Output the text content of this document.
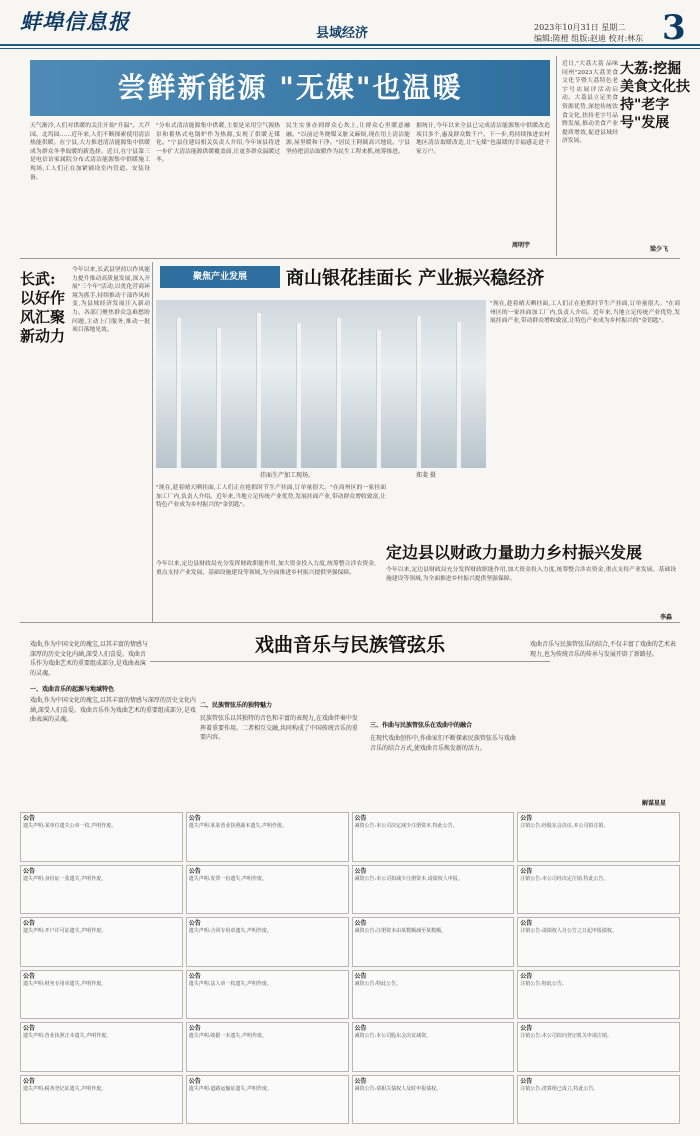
蚌埠信息报	县域经济	2023年10月31日 星期二 3
编辑:陈橙 组版:赵迪 校对:林东
尝鲜新能源 "无媒"也温暖
天气渐冷,人们对供暖的关注开始"升温"。大芦园、北坞园……近年来,人们不断探索使用清洁热能供暖。在宁县,大力推进清洁能源集中供暖成为群众冬季取暖的新选择。近日,在宁县第三是电信访家属院分布式清洁能源集中供暖施工现场,工人们正在加紧铺设室内管道、安装设备。
"分布式清洁能源集中供暖,主要是采用空气源热泵和蓄热式电锅炉作为热源,实现了供暖无煤化。"宁县住建局相关负责人介绍,今年该县将进一步扩大清洁能源供暖覆盖面,让更多群众温暖过冬。
民生实事办到群众心坎上,让群众心里暖意融融。"以前过冬烧煤又脏又麻烦,现在用上清洁能源,屋里暖和干净。"居民王阿姨高兴地说。宁县坚持把清洁取暖作为民生工程来抓,统筹推进。
据统计,今年以来全县已完成清洁能源集中供暖改造项目多个,惠及群众数千户。下一步,将持续推进农村地区清洁取暖改造,让"无煤"也温暖的幸福感走进千家万户。
周明宇
近日,"大荔大荔 品味同州"2023大荔美食文化节暨大荔特色老字号店展评活动启动。大荔县立足美食资源优势,深挖传统饮食文化,扶持老字号品牌发展,推动美食产业提质增效,促进县域经济发展。
大荔:挖掘美食文化扶持"老字号"发展
梁少飞
长武:以好作风汇聚新动力
今年以来,长武县坚持以作风能力提升推动高质量发展,深入开展"三个年"活动,以优化营商环境为抓手,持续推动干部作风转变,为县域经济发展注入新动力。各部门聚焦群众急难愁盼问题,主动上门服务,推动一批项目落地见效。
聚焦产业发展	商山银花挂面长 产业振兴稳经济
挂面生产加工现场。	郑斐 摄
"现在,趁着晴天晒挂面,工人们正在抢抓时节生产挂面,订单量很大。"在商州区的一家挂面加工厂内,负责人介绍。近年来,当地立足传统产业优势,发展挂面产业,带动群众增收致富,让特色产业成为乡村振兴的"金钥匙"。
"现在,趁着晴天晒挂面,工人们正在抢抓时节生产挂面,订单量很大。"在商州区的一家挂面加工厂内,负责人介绍。近年来,当地立足传统产业优势,发展挂面产业,带动群众增收致富,让特色产业成为乡村振兴的"金钥匙"。
定边县以财政力量助力乡村振兴发展
今年以来,定边县财政局充分发挥财政职能作用,加大资金投入力度,统筹整合涉农资金,重点支持产业发展、基础设施建设等领域,为全面推进乡村振兴提供坚强保障。	今年以来,定边县财政局充分发挥财政职能作用,加大资金投入力度,统筹整合涉农资金,重点支持产业发展、基础设施建设等领域,为全面推进乡村振兴提供坚强保障。
李淼
戏曲音乐与民族管弦乐
戏曲,作为中国文化的瑰宝,以其丰富的情感与深厚的历史文化内涵,深受人们喜爱。戏曲音乐作为戏曲艺术的重要组成部分,是戏曲表演的灵魂。
一、戏曲音乐的起源与地域特色
戏曲,作为中国文化的瑰宝,以其丰富的情感与深厚的历史文化内涵,深受人们喜爱。戏曲音乐作为戏曲艺术的重要组成部分,是戏曲表演的灵魂。
二、民族管弦乐的独特魅力
民族管弦乐以其独特的音色和丰富的表现力,在戏曲伴奏中发挥着重要作用。二者相互交融,共同构成了中国传统音乐的重要内容。
三、作曲与民族管弦乐在戏曲中的融合
在现代戏曲创作中,作曲家们不断探索民族管弦乐与戏曲音乐的结合方式,使戏曲音乐焕发新的活力。
戏曲音乐与民族管弦乐的结合,不仅丰富了戏曲的艺术表现力,也为传统音乐的传承与发展开辟了新路径。
解谋星星
公告
遗失声明:某单位遗失公章一枚,声明作废。
公告
遗失声明:某某营业执照副本遗失,声明作废。
公告
减资公告:本公司决定减少注册资本,特此公告。
公告
注销公告:经股东会决议,本公司拟注销。
公告
遗失声明:身份证一张遗失,声明作废。
公告
遗失声明:发票一份遗失,声明作废。
公告
减资公告:本公司拟减少注册资本,请债权人申报。
公告
注销公告:本公司经决定注销,特此公告。
公告
遗失声明:开户许可证遗失,声明作废。
公告
遗失声明:合同专用章遗失,声明作废。
公告
减资公告:注册资本由某数额减至某数额。
公告
注销公告:请债权人自公告之日起申报债权。
公告
遗失声明:财务专用章遗失,声明作废。
公告
遗失声明:法人章一枚遗失,声明作废。
公告
减资公告:特此公告。
公告
注销公告:特此公告。
公告
遗失声明:营业执照正本遗失,声明作废。
公告
遗失声明:收据一本遗失,声明作废。
公告
减资公告:本公司股东会决议减资。
公告
注销公告:本公司拟向登记机关申请注销。
公告
遗失声明:税务登记证遗失,声明作废。
公告
遗失声明:道路运输证遗失,声明作废。
公告
减资公告:请相关债权人及时申报债权。
公告
注销公告:清算组已成立,特此公告。
